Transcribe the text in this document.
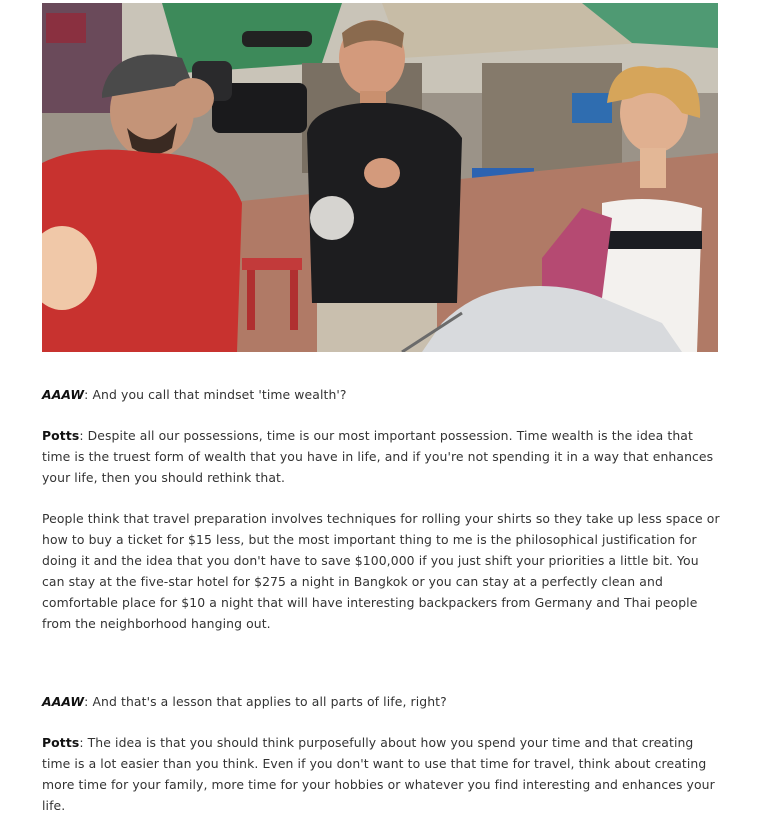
AAAW: And you call that mindset 'time wealth'?

Potts: Despite all our possessions, time is our most important possession. Time wealth is the idea that time is the truest form of wealth that you have in life, and if you're not spending it in a way that enhances your life, then you should rethink that.

People think that travel preparation involves techniques for rolling your shirts so they take up less space or how to buy a ticket for $15 less, but the most important thing to me is the philosophical justification for doing it and the idea that you don't have to save $100,000 if you just shift your priorities a little bit. You can stay at the five-star hotel for $275 a night in Bangkok or you can stay at a perfectly clean and comfortable place for $10 a night that will have interesting backpackers from Germany and Thai people from the neighborhood hanging out.

AAAW: And that's a lesson that applies to all parts of life, right?

Potts: The idea is that you should think purposefully about how you spend your time and that creating time is a lot easier than you think. Even if you don't want to use that time for travel, think about creating more time for your family, more time for your hobbies or whatever you find interesting and enhances your life.
